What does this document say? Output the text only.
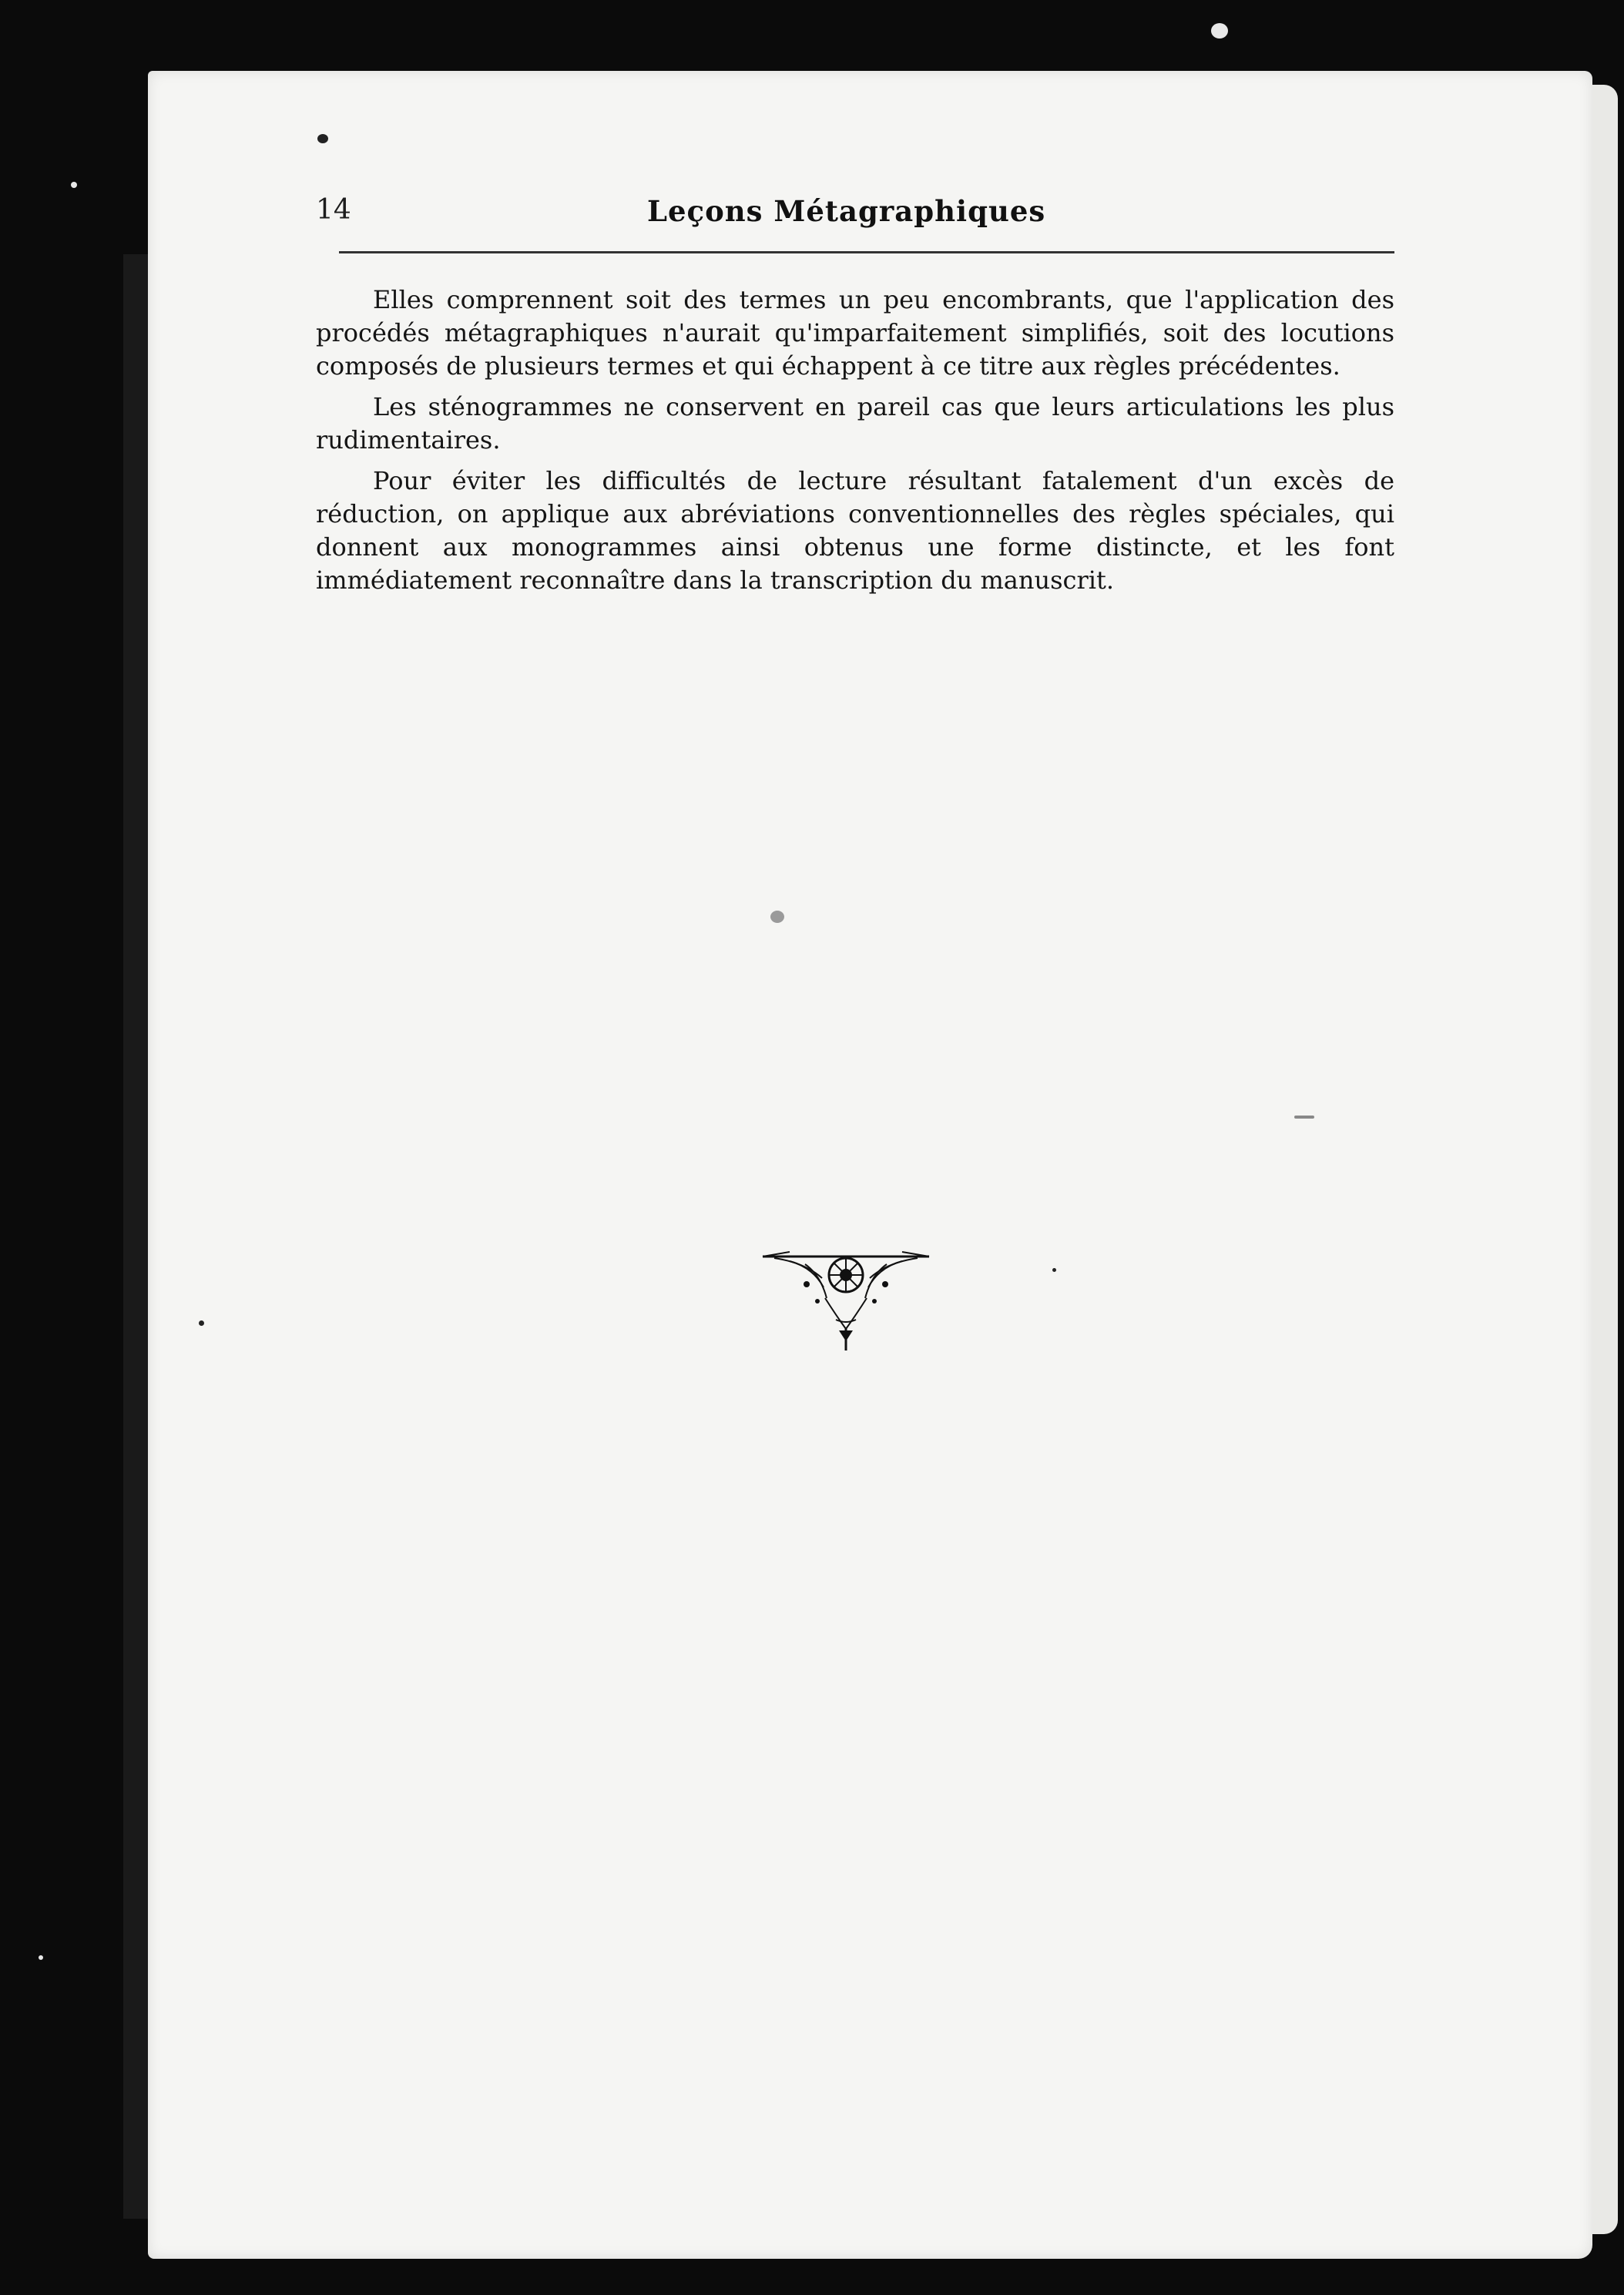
14	Leçons Métagraphiques

Elles comprennent soit des termes un peu encombrants, que l'application des procédés métagraphiques n'aurait qu'imparfaitement simplifiés, soit des locutions composés de plusieurs termes et qui échappent à ce titre aux règles précédentes.

Les sténogrammes ne conservent en pareil cas que leurs articulations les plus rudimentaires.

Pour éviter les difficultés de lecture résultant fatalement d'un excès de réduction, on applique aux abréviations conventionnelles des règles spéciales, qui donnent aux monogrammes ainsi obtenus une forme distincte, et les font immédiatement reconnaître dans la transcription du manuscrit.
